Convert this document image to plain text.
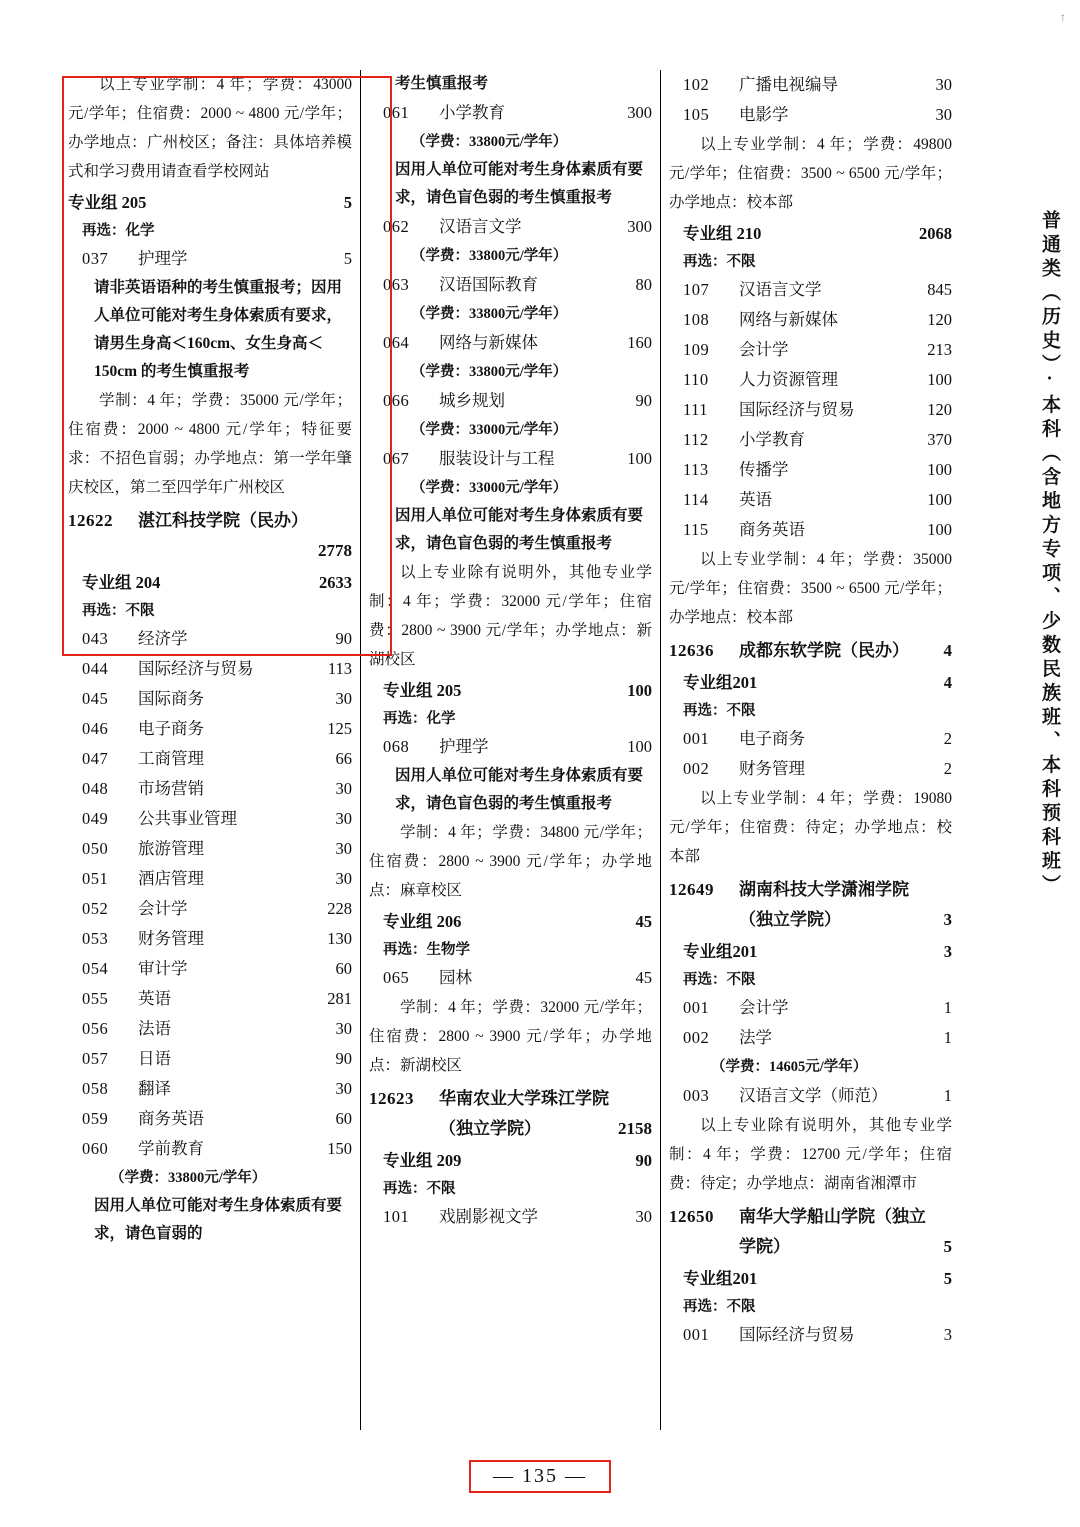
↑
以上专业学制：4 年；学费：43000 元/学年；住宿费：2000 ~ 4800 元/学年；办学地点：广州校区；备注：具体培养模式和学习费用请查看学校网站
专业组 205	5
再选：化学
037	护理学	5
请非英语语种的考生慎重报考；因用人单位可能对考生身体索质有要求，请男生身高＜160cm、女生身高＜150cm 的考生慎重报考
学制：4 年；学费：35000 元/学年；住宿费：2000 ~ 4800 元/学年；特征要求：不招色盲弱；办学地点：第一学年肇庆校区，第二至四学年广州校区
12622	湛江科技学院（民办）
2778
专业组 204	2633
再选：不限
043	经济学	90
044	国际经济与贸易	113
045	国际商务	30
046	电子商务	125
047	工商管理	66
048	市场营销	30
049	公共事业管理	30
050	旅游管理	30
051	酒店管理	30
052	会计学	228
053	财务管理	130
054	审计学	60
055	英语	281
056	法语	30
057	日语	90
058	翻译	30
059	商务英语	60
060	学前教育	150
（学费：33800元/学年）
因用人单位可能对考生身体索质有要求，请色盲弱的
考生慎重报考
061	小学教育	300
（学费：33800元/学年）
因用人单位可能对考生身体素质有要求，请色盲色弱的考生慎重报考
062	汉语言文学	300
（学费：33800元/学年）
063	汉语国际教育	80
（学费：33800元/学年）
064	网络与新媒体	160
（学费：33800元/学年）
066	城乡规划	90
（学费：33000元/学年）
067	服装设计与工程	100
（学费：33000元/学年）
因用人单位可能对考生身体索质有要求，请色盲色弱的考生慎重报考
以上专业除有说明外，其他专业学制：4 年；学费：32000 元/学年；住宿费：2800 ~ 3900 元/学年；办学地点：新湖校区
专业组 205	100
再选：化学
068	护理学	100
因用人单位可能对考生身体索质有要求，请色盲色弱的考生慎重报考
学制：4 年；学费：34800 元/学年；住宿费：2800 ~ 3900 元/学年；办学地点：麻章校区
专业组 206	45
再选：生物学
065	园林	45
学制：4 年；学费：32000 元/学年；住宿费：2800 ~ 3900 元/学年；办学地点：新湖校区
12623	华南农业大学珠江学院
（独立学院）	2158
专业组 209	90
再选：不限
101	戏剧影视文学	30
102	广播电视编导	30
105	电影学	30
以上专业学制：4 年；学费：49800 元/学年；住宿费：3500 ~ 6500 元/学年；办学地点：校本部
专业组 210	2068
再选：不限
107	汉语言文学	845
108	网络与新媒体	120
109	会计学	213
110	人力资源管理	100
111	国际经济与贸易	120
112	小学教育	370
113	传播学	100
114	英语	100
115	商务英语	100
以上专业学制：4 年；学费：35000 元/学年；住宿费：3500 ~ 6500 元/学年；办学地点：校本部
12636	成都东软学院（民办）	4
专业组201	4
再选：不限
001	电子商务	2
002	财务管理	2
以上专业学制：4 年；学费：19080 元/学年；住宿费：待定；办学地点：校本部
12649	湖南科技大学潇湘学院
（独立学院）	3
专业组201	3
再选：不限
001	会计学	1
002	法学	1
（学费：14605元/学年）
003	汉语言文学（师范）	1
以上专业除有说明外，其他专业学制：4 年；学费：12700 元/学年；住宿费：待定；办学地点：湖南省湘潭市
12650	南华大学船山学院（独立
学院）	5
专业组201	5
再选：不限
001	国际经济与贸易	3
普通类（历史）·本科（含地方专项、少数民族班、本科预科班）
— 135 —
